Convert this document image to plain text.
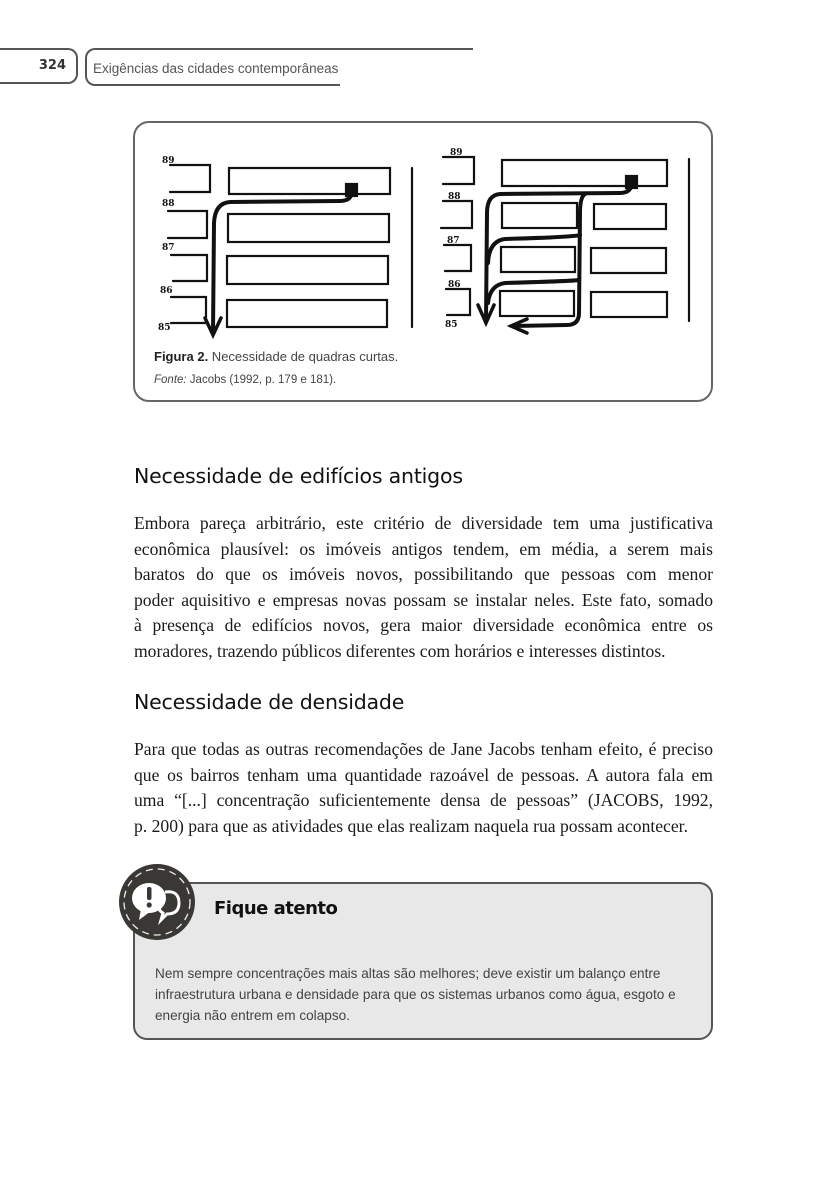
324 Exigências das cidades contemporâneas
89
88
87
86
85
89
88
87
86
85
Figura 2. Necessidade de quadras curtas.
Fonte: Jacobs (1992, p. 179 e 181).
Necessidade de edifícios antigos

Embora pareça arbitrário, este critério de diversidade tem uma justificativa
econômica plausível: os imóveis antigos tendem, em média, a serem mais
baratos do que os imóveis novos, possibilitando que pessoas com menor
poder aquisitivo e empresas novas possam se instalar neles. Este fato, somado
à presença de edifícios novos, gera maior diversidade econômica entre os
moradores, trazendo públicos diferentes com horários e interesses distintos.

Necessidade de densidade

Para que todas as outras recomendações de Jane Jacobs tenham efeito, é preciso
que os bairros tenham uma quantidade razoável de pessoas. A autora fala em
uma “[...] concentração suficientemente densa de pessoas” (JACOBS, 1992,
p. 200) para que as atividades que elas realizam naquela rua possam acontecer.

Fique atento

Nem sempre concentrações mais altas são melhores; deve existir um balanço entre infraestrutura urbana e densidade para que os sistemas urbanos como água, esgoto e energia não entrem em colapso.
